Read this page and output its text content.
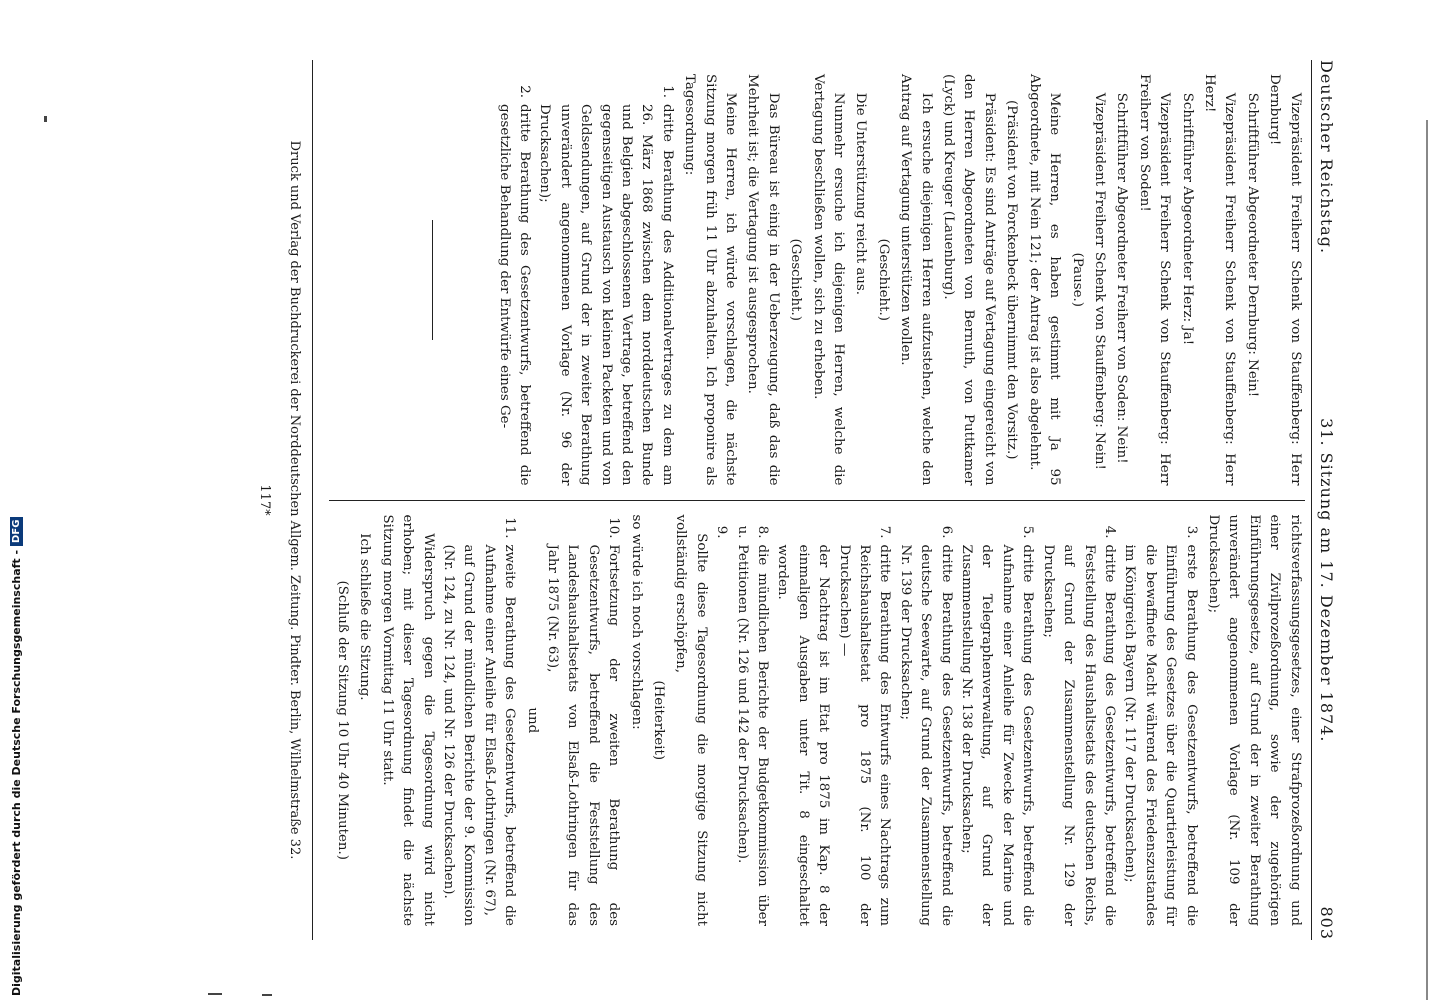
Deutscher Reichstag.
31. Sitzung am 17. Dezember 1874.
803

Vizepräsident Freiherr Schenk von Stauffenberg: Herr Dernburg!

Schriftführer Abgeordneter Dernburg: Nein!

Vizepräsident Freiherr Schenk von Stauffenberg: Herr Herz!

Schriftführer Abgeordneter Herz: Ja!

Vizepräsident Freiherr Schenk von Stauffenberg: Herr Freiherr von Soden!

Schriftführer Abgeordneter Freiherr von Soden: Nein!

Vizepräsident Freiherr Schenk von Stauffenberg: Nein!

(Pause.)

Meine Herren, es haben gestimmt mit Ja 95 Abgeordnete, mit Nein 121; der Antrag ist also abgelehnt.

(Präsident von Forckenbeck übernimmt den Vorsitz.)

Präsident: Es sind Anträge auf Vertagung eingereicht von den Herren Abgeordneten von Bernuth, von Puttkamer (Lyck) und Kreuger (Lauenburg).

Ich ersuche diejenigen Herren aufzustehen, welche den Antrag auf Vertagung unterstützen wollen.

(Geschieht.)

Die Unterstützung reicht aus.

Nunmehr ersuche ich diejenigen Herren, welche die Vertagung beschließen wollen, sich zu erheben.

(Geschieht.)

Das Büreau ist einig in der Ueberzeugung, daß das die Mehrheit ist; die Vertagung ist ausgesprochen.

Meine Herren, ich würde vorschlagen, die nächste Sitzung morgen früh 11 Uhr abzuhalten. Ich proponire als Tagesordnung:

1.
dritte Berathung des Additionalvertrages zu dem am 26. März 1868 zwischen dem norddeutschen Bunde und Belgien abgeschlossenen Vertrage, betreffend den gegenseitigen Austausch von kleinen Packeten und von Geldsendungen, auf Grund der in zweiter Berathung unverändert angenommenen Vorlage (Nr. 96 der Drucksachen);
2.
dritte Berathung des Gesetzentwurfs, betreffend die gesetzliche Behandlung der Entwürfe eines Ge-

richtsverfassungsgesetzes, einer Strafprozeßordnung und einer Zivilprozeßordnung, sowie der zugehörigen Einführungsgesetze, auf Grund der in zweiter Berathung unverändert angenommenen Vorlage (Nr. 109 der Drucksachen);

3.
erste Berathung des Gesetzentwurfs, betreffend die Einführung des Gesetzes über die Quartierleistung für die bewaffnete Macht während des Friedenszustandes im Königreich Bayern (Nr. 117 der Drucksachen);
4.
dritte Berathung des Gesetzentwurfs, betreffend die Feststellung des Haushaltsetats des deutschen Reichs, auf Grund der Zusammenstellung Nr. 129 der Drucksachen;
5.
dritte Berathung des Gesetzentwurfs, betreffend die Aufnahme einer Anleihe für Zwecke der Marine und der Telegraphenverwaltung, auf Grund der Zusammenstellung Nr. 138 der Drucksachen;
6.
dritte Berathung des Gesetzentwurfs, betreffend die deutsche Seewarte, auf Grund der Zusammenstellung Nr. 139 der Drucksachen;
7.
dritte Berathung des Entwurfs eines Nachtrags zum Reichshaushaltsetat pro 1875 (Nr. 100 der Drucksachen) —
der Nachtrag ist im Etat pro 1875 im Kap. 8 der einmaligen Ausgaben unter Tit. 8 eingeschaltet worden.
8. u. 9.
die mündlichen Berichte der Budgetkommission über Petitionen (Nr. 126 und 142 der Drucksachen).

Sollte diese Tagesordnung die morgige Sitzung nicht vollständig erschöpfen,

(Heiterkeit)

so würde ich noch vorschlagen:

10.
Fortsetzung der zweiten Berathung des Gesetzentwurfs, betreffend die Feststellung des Landeshaushaltsetats von Elsaß-Lothringen für das Jahr 1875 (Nr. 63),

und

11.
zweite Berathung des Gesetzentwurfs, betreffend die Aufnahme einer Anleihe für Elsaß-Lothringen (Nr. 67),
auf Grund der mündlichen Berichte der 9. Kommission (Nr. 124, zu Nr. 124, und Nr. 126 der Drucksachen).

Widerspruch gegen die Tagesordnung wird nicht erhoben; mit dieser Tagesordnung findet die nächste Sitzung morgen Vormittag 11 Uhr statt.

Ich schließe die Sitzung.

(Schluß der Sitzung 10 Uhr 40 Minuten.)

Druck und Verlag der Buchdruckerei der Norddeutschen Allgem. Zeitung. Pindter. Berlin, Wilhelmstraße 32.
117*
Digitalisierung gefördert durch die Deutsche Forschungsgemeinschaft -
DFG
